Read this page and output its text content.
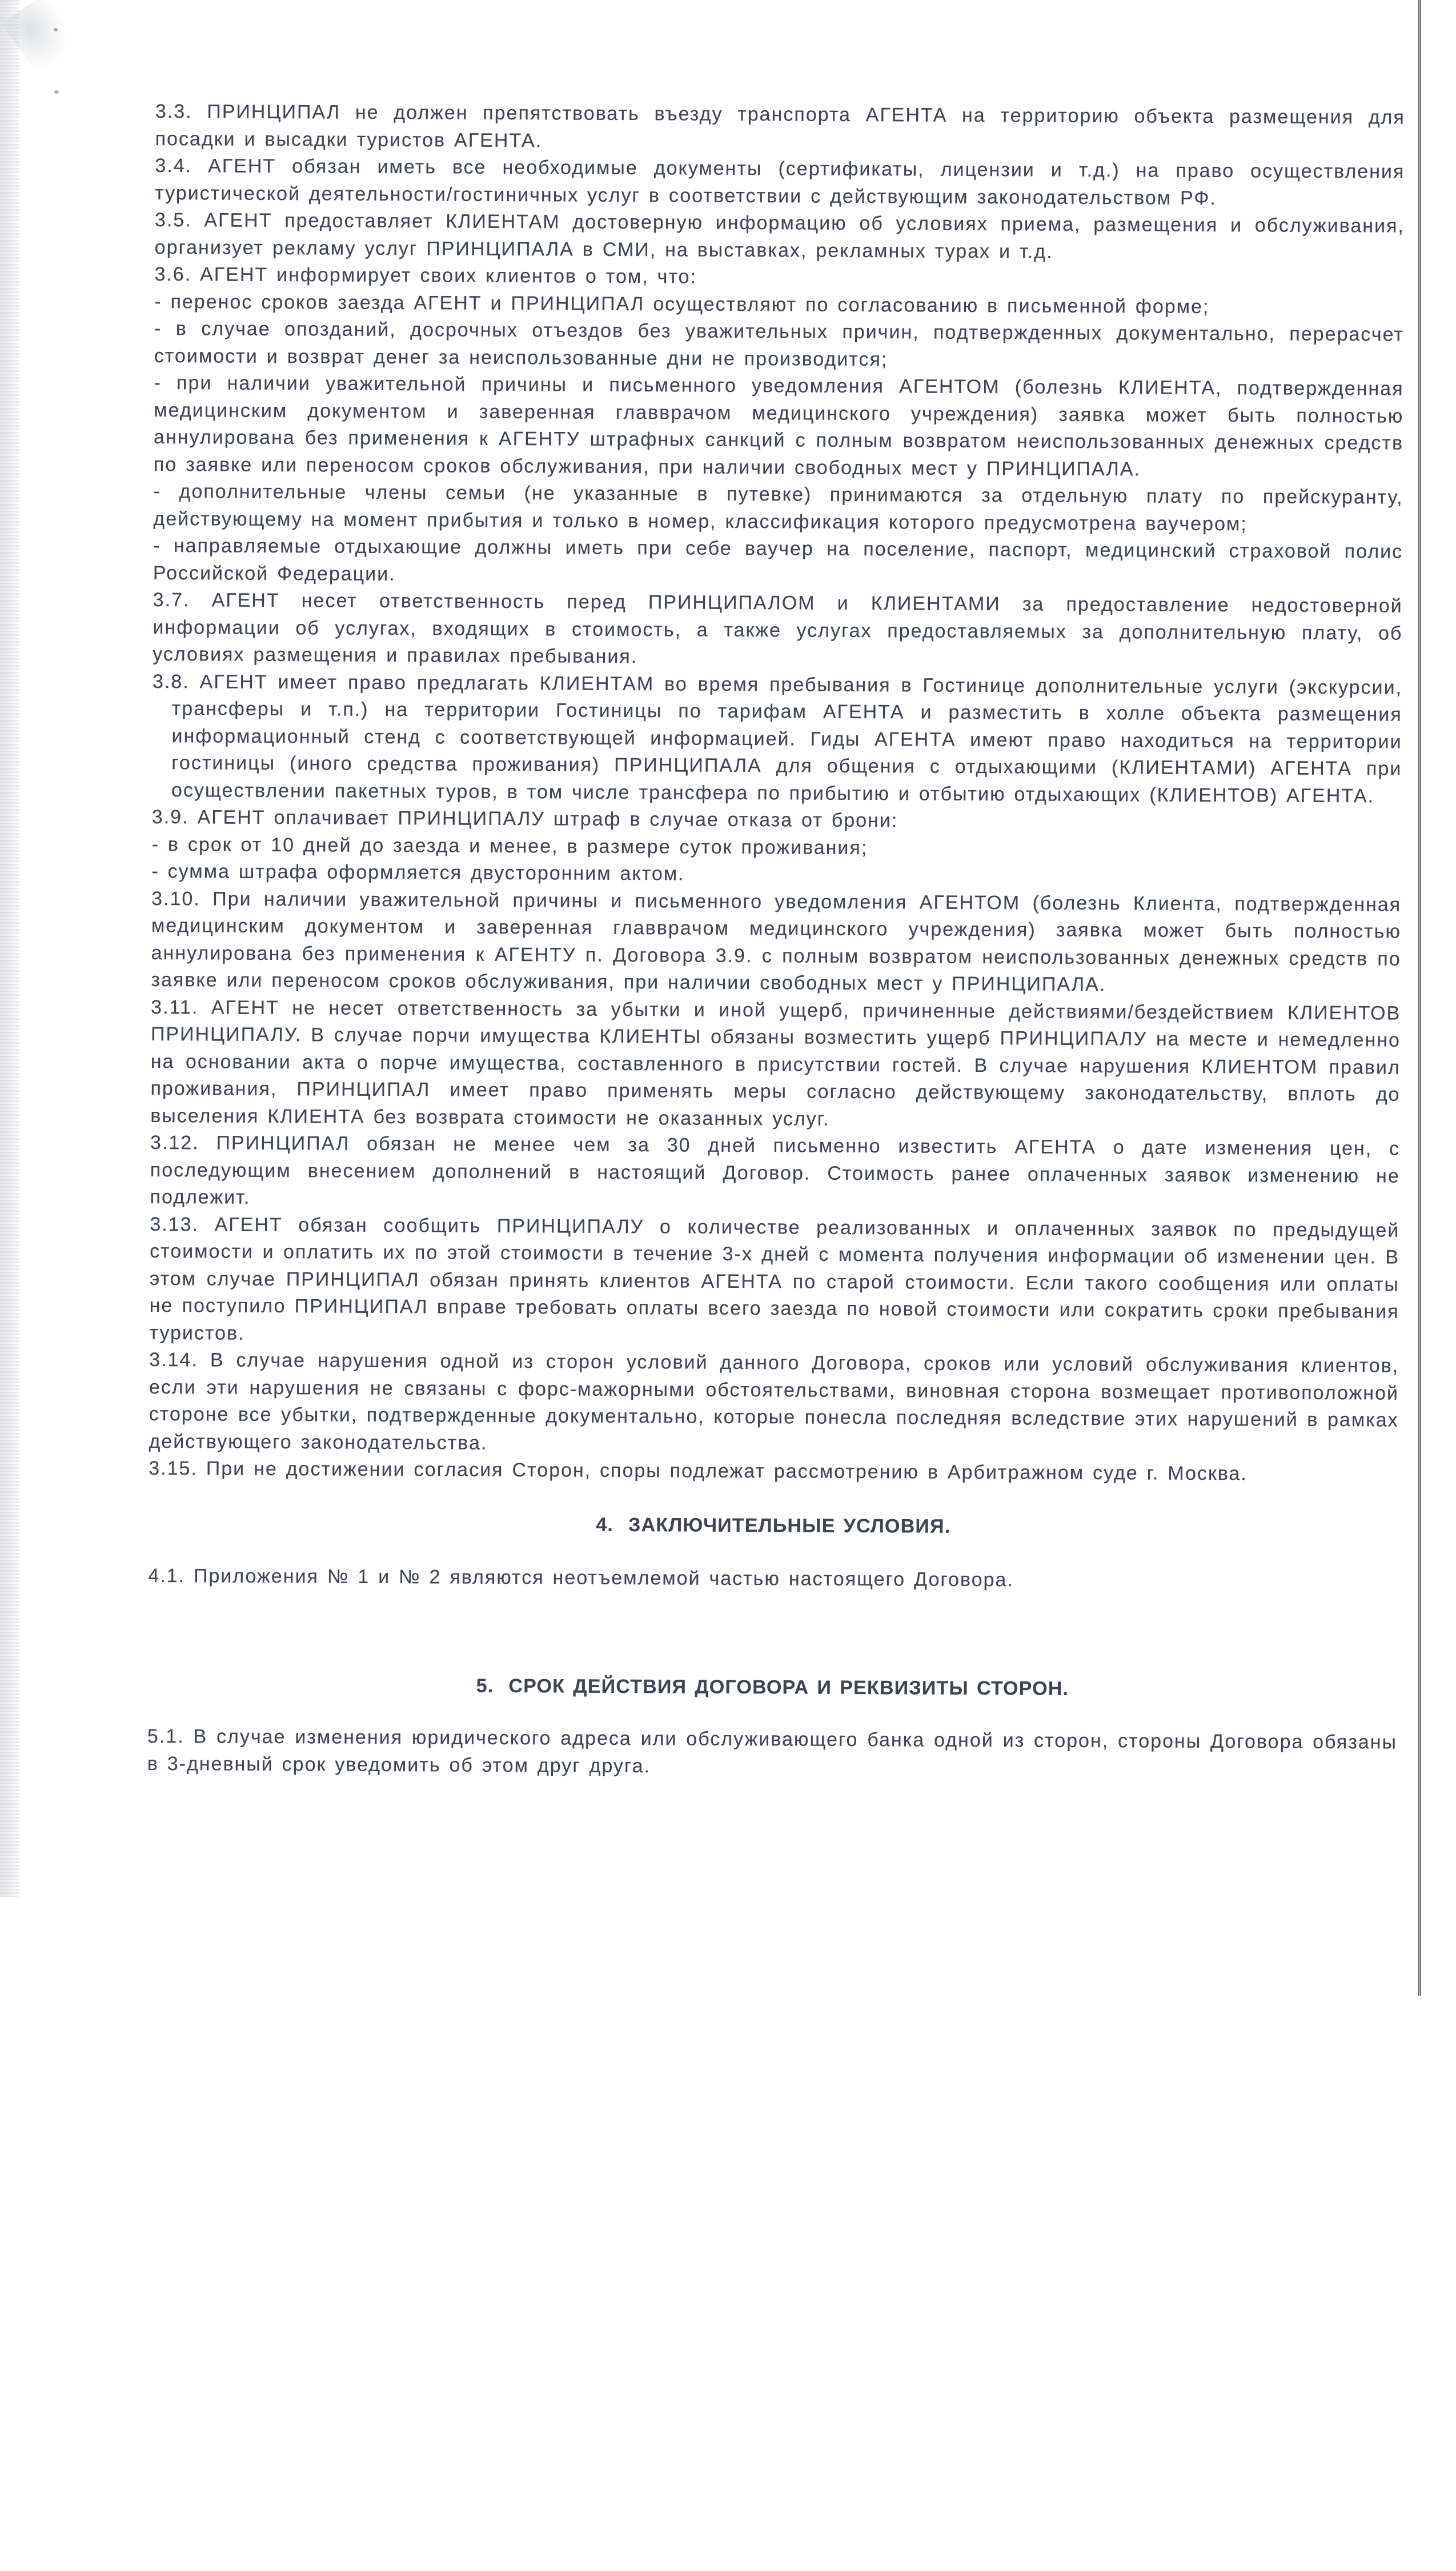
3.3. ПРИНЦИПАЛ не должен препятствовать въезду транспорта АГЕНТА на территорию объекта размещения для посадки и высадки туристов АГЕНТА.

3.4. АГЕНТ обязан иметь все необходимые документы (сертификаты, лицензии и т.д.) на право осуществления туристической деятельности/гостиничных услуг в соответствии с действующим законодательством РФ.

3.5. АГЕНТ предоставляет КЛИЕНТАМ достоверную информацию об условиях приема, размещения и обслуживания, организует рекламу услуг ПРИНЦИПАЛА в СМИ, на выставках, рекламных турах и т.д.

3.6. АГЕНТ информирует своих клиентов о том, что:

- перенос сроков заезда АГЕНТ и ПРИНЦИПАЛ осуществляют по согласованию в письменной форме;

- в случае опозданий, досрочных отъездов без уважительных причин, подтвержденных документально, перерасчет стоимости и возврат денег за неиспользованные дни не производится;

- при наличии уважительной причины и письменного уведомления АГЕНТОМ (болезнь КЛИЕНТА, подтвержденная медицинским документом и заверенная главврачом медицинского учреждения) заявка может быть полностью аннулирована без применения к АГЕНТУ штрафных санкций с полным возвратом неиспользованных денежных средств по заявке или переносом сроков обслуживания, при наличии свободных мест у ПРИНЦИПАЛА.

- дополнительные члены семьи (не указанные в путевке) принимаются за отдельную плату по прейскуранту, действующему на момент прибытия и только в номер, классификация которого предусмотрена ваучером;

- направляемые отдыхающие должны иметь при себе ваучер на поселение, паспорт, медицинский страховой полис Российской Федерации.

3.7. АГЕНТ несет ответственность перед ПРИНЦИПАЛОМ и КЛИЕНТАМИ за предоставление недостоверной информации об услугах, входящих в стоимость, а также услугах предоставляемых за дополнительную плату, об условиях размещения и правилах пребывания.

3.8. АГЕНТ имеет право предлагать КЛИЕНТАМ во время пребывания в Гостинице дополнительные услуги (экскурсии, трансферы и т.п.) на территории Гостиницы по тарифам АГЕНТА и разместить в холле объекта размещения информационный стенд с соответствующей информацией. Гиды АГЕНТА имеют право находиться на территории гостиницы (иного средства проживания) ПРИНЦИПАЛА для общения с отдыхающими (КЛИЕНТАМИ) АГЕНТА при осуществлении пакетных туров, в том числе трансфера по прибытию и отбытию отдыхающих (КЛИЕНТОВ) АГЕНТА.

3.9. АГЕНТ оплачивает ПРИНЦИПАЛУ штраф в случае отказа от брони:

- в срок от 10 дней до заезда и менее, в размере суток проживания;

- сумма штрафа оформляется двусторонним актом.

3.10. При наличии уважительной причины и письменного уведомления АГЕНТОМ (болезнь Клиента, подтвержденная медицинским документом и заверенная главврачом медицинского учреждения) заявка может быть полностью аннулирована без применения к АГЕНТУ п. Договора 3.9. с полным возвратом неиспользованных денежных средств по заявке или переносом сроков обслуживания, при наличии свободных мест у ПРИНЦИПАЛА.

3.11. АГЕНТ не несет ответственность за убытки и иной ущерб, причиненные действиями/бездействием КЛИЕНТОВ ПРИНЦИПАЛУ. В случае порчи имущества КЛИЕНТЫ обязаны возместить ущерб ПРИНЦИПАЛУ на месте и немедленно на основании акта о порче имущества, составленного в присутствии гостей. В случае нарушения КЛИЕНТОМ правил проживания, ПРИНЦИПАЛ имеет право применять меры согласно действующему законодательству, вплоть до выселения КЛИЕНТА без возврата стоимости не оказанных услуг.

3.12. ПРИНЦИПАЛ обязан не менее чем за 30 дней письменно известить АГЕНТА о дате изменения цен, с последующим внесением дополнений в настоящий Договор. Стоимость ранее оплаченных заявок изменению не подлежит.

3.13. АГЕНТ обязан сообщить ПРИНЦИПАЛУ о количестве реализованных и оплаченных заявок по предыдущей стоимости и оплатить их по этой стоимости в течение 3-х дней с момента получения информации об изменении цен. В этом случае ПРИНЦИПАЛ обязан принять клиентов АГЕНТА по старой стоимости. Если такого сообщения или оплаты не поступило ПРИНЦИПАЛ вправе требовать оплаты всего заезда по новой стоимости или сократить сроки пребывания туристов.

3.14. В случае нарушения одной из сторон условий данного Договора, сроков или условий обслуживания клиентов, если эти нарушения не связаны с форс-мажорными обстоятельствами, виновная сторона возмещает противоположной стороне все убытки, подтвержденные документально, которые понесла последняя вследствие этих нарушений в рамках действующего законодательства.

3.15. При не достижении согласия Сторон, споры подлежат рассмотрению в Арбитражном суде г. Москва.

4. ЗАКЛЮЧИТЕЛЬНЫЕ УСЛОВИЯ.

4.1. Приложения № 1 и № 2 являются неотъемлемой частью настоящего Договора.

5. СРОК ДЕЙСТВИЯ ДОГОВОРА И РЕКВИЗИТЫ СТОРОН.

5.1. В случае изменения юридического адреса или обслуживающего банка одной из сторон, стороны Договора обязаны в 3-дневный срок уведомить об этом друг друга.
